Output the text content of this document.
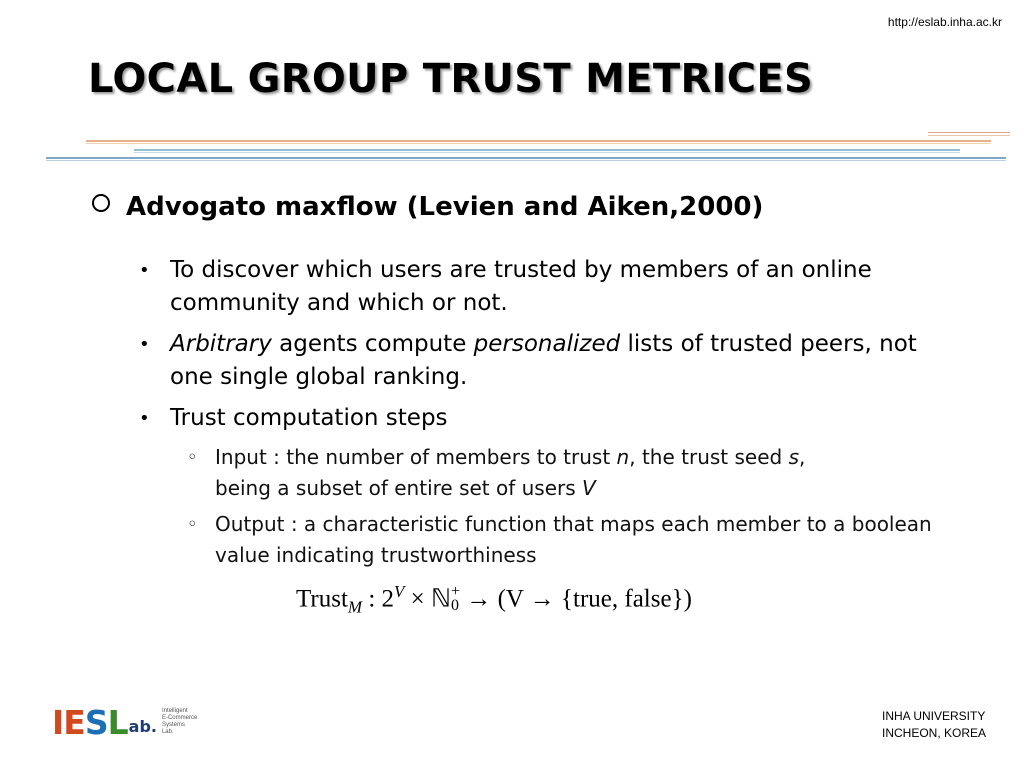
http://eslab.inha.ac.kr
LOCAL GROUP TRUST METRICES
Advogato maxflow (Levien and Aiken,2000)
• To discover which users are trusted by members of an online community and which or not.
• Arbitrary agents compute personalized lists of trusted peers, not one single global ranking.
• Trust computation steps
◦ Input : the number of members to trust n, the trust seed s,
being a subset of entire set of users V
◦ Output : a characteristic function that maps each member to a boolean value indicating trustworthiness
Trust$_M$ : $2^V$ × ℕ +
0 → (V → {true, false})
IE S L ab.
Intelligent
E-Commerce
Systems
Lab.
INHA UNIVERSITY
INCHEON, KOREA
